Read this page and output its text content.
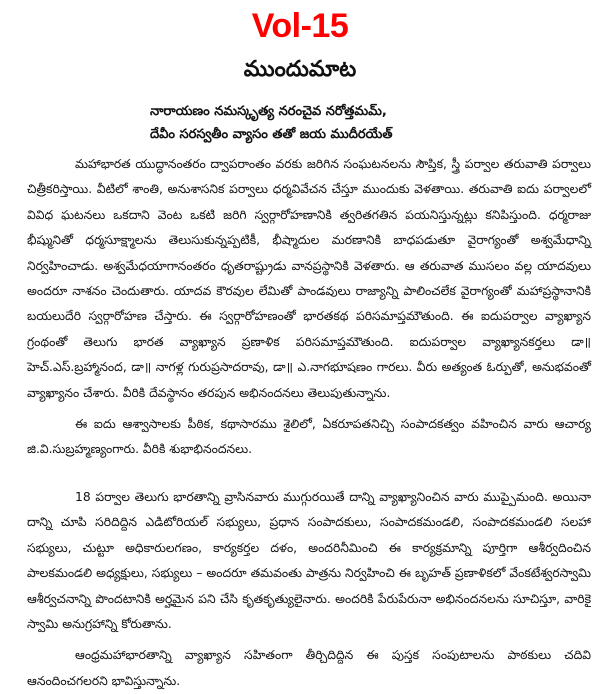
Vol-15
ముందుమాట
నారాయణం నమస్కృత్య నరంచైవ నరోత్తమమ్,
దేవీం సరస్వతీం వ్యాసం తతో జయ ముదీరయేత్

మహాభారత యుద్ధానంతరం ద్వాపరాంతం వరకు జరిగిన సంఘటనలను సౌప్తిక, స్త్రీ పర్వాల తరువాతి పర్వాలు చిత్రీకరిస్తాయి. వీటిలో శాంతి, అనుశాసనిక పర్వాలు ధర్మవివేచన చేస్తూ ముందుకు వెళతాయి. తరువాతి ఐదు పర్వాలలో వివిధ ఘటనలు ఒకదాని వెంట ఒకటి జరిగి స్వర్గారోహణానికి త్వరితగతిన పయనిస్తున్నట్లు కనిపిస్తుంది. ధర్మరాజు భీష్ముని‌తో ధర్మసూక్ష్మాలను తెలుసుకున్నప్పటికీ, భీష్మాదుల మరణానికి బాధపడుతూ వైరాగ్యంతో అశ్వమేధాన్ని నిర్వహించాడు. అశ్వమేధయాగానంతరం ధృతరాష్ట్రుడు వానప్రస్థానికి వెళతారు. ఆ తరువాత ముసలం వల్ల యాదవులు అందరూ నాశనం చెందుతారు. యాదవ కౌరవుల లేమితో పాండవులు రాజ్యాన్ని పాలించలేక వైరాగ్యంతో మహాప్రస్థానానికి బయలుదేరి స్వర్గారోహణ చేస్తారు. ఈ స్వర్గారోహణంతో భారతకథ పరిసమాప్తమౌతుంది. ఈ ఐదుపర్వాల వ్యాఖ్యాన గ్రంథంతో తెలుగు భారత వ్యాఖ్యాన ప్రణాళిక పరిసమాప్తమౌతుంది. ఐదుపర్వాల వ్యాఖ్యానకర్తలు డా॥ హెచ్.ఎస్.బ్రహ్మానంద, డా॥ నాగళ్ల గురుప్రసాదరావు, డా॥ ఎ.నాగభూషణం గారలు. వీరు అత్యంత ఓర్పుతో, అనుభవంతో వ్యాఖ్యానం చేశారు. వీరికి దేవస్థానం తరపున అభినందనలు తెలుపుతున్నాను.

ఈ ఐదు ఆశ్వాసాలకు పీఠిక, కథాసారము శైలిలో, ఏకరూపతనిచ్చి సంపాదకత్వం వహించిన వారు ఆచార్య జి.వి.సుబ్రహ్మణ్యంగారు. వీరికి శుభాభినందనలు.

18 పర్వాల తెలుగు భారతాన్ని వ్రాసినవారు ముగ్గురయితే దాన్ని వ్యాఖ్యానించిన వారు ముప్పైమంది. అయినా దాన్ని చూపి సరిదిద్దిన ఎడిటోరియల్ సభ్యులు, ప్రధాన సంపాదకులు, సంపాదకమండలి, సంపాదకమండలి సలహా సభ్యులు, చుట్టూ అధికారులగణం, కార్యకర్తల దళం, అందరినీమించి ఈ కార్యక్రమాన్ని పూర్తిగా ఆశీర్వదించిన పాలకమండలి అధ్యక్షులు, సభ్యులు – అందరూ తమవంతు పాత్రను నిర్వహించి ఈ బృహత్ ప్రణాళికలో వేంకటేశ్వరస్వామి ఆశీర్వచనాన్ని పొందటానికి అర్హమైన పని చేసి కృతకృత్యులైనారు. అందరికి పేరుపేరునా అభినందనలను సూచిస్తూ, వారికై స్వామి అనుగ్రహాన్ని కోరుతాను.

ఆంధ్రమహాభారతాన్ని వ్యాఖ్యాన సహితంగా తీర్చిదిద్దిన ఈ పుస్తక సంపుటాలను పాఠకులు చదివి ఆనందించగలరని భావిస్తున్నాను.
